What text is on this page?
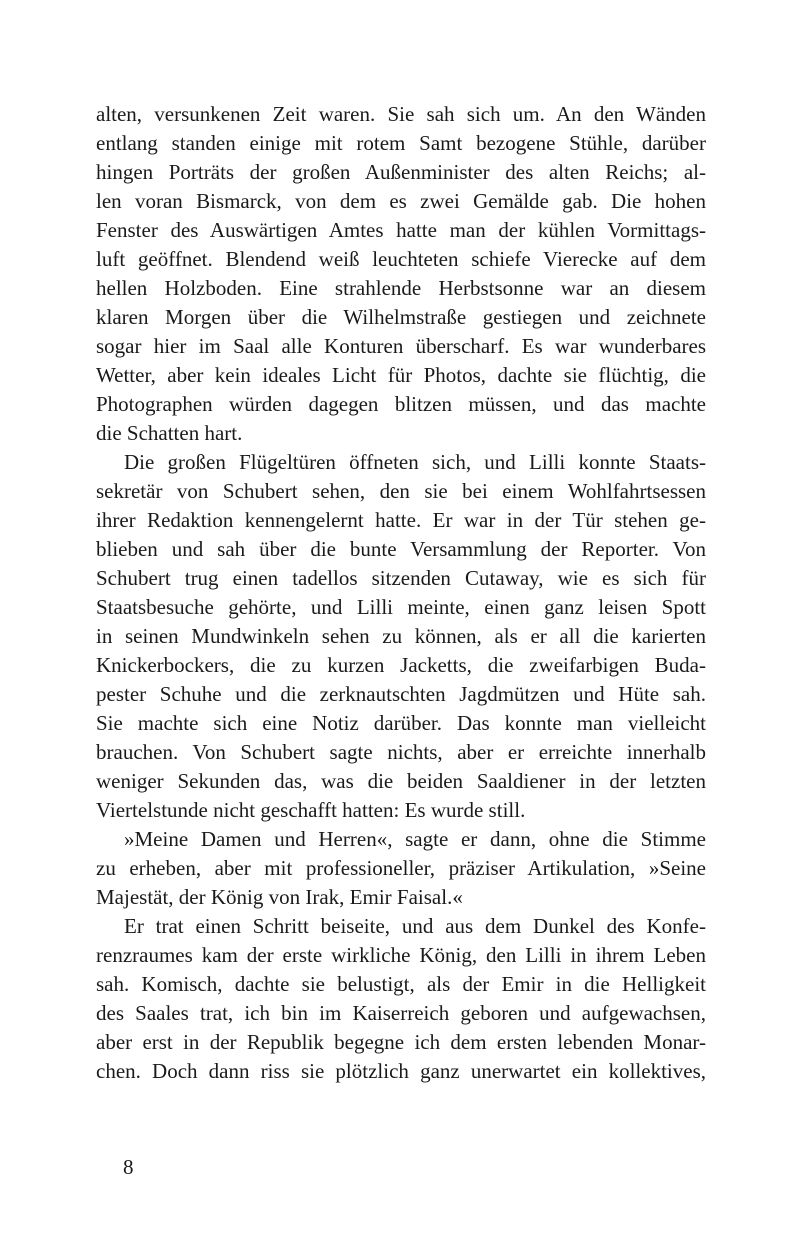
alten, versunkenen Zeit waren. Sie sah sich um. An den Wänden
entlang standen einige mit rotem Samt bezogene Stühle, darüber
hingen Porträts der großen Außenminister des alten Reichs; al-
len voran Bismarck, von dem es zwei Gemälde gab. Die hohen
Fenster des Auswärtigen Amtes hatte man der kühlen Vormittags-
luft geöffnet. Blendend weiß leuchteten schiefe Vierecke auf dem
hellen Holzboden. Eine strahlende Herbstsonne war an diesem
klaren Morgen über die Wilhelmstraße gestiegen und zeichnete
sogar hier im Saal alle Konturen überscharf. Es war wunderbares
Wetter, aber kein ideales Licht für Photos, dachte sie flüchtig, die
Photographen würden dagegen blitzen müssen, und das machte
die Schatten hart.
Die großen Flügeltüren öffneten sich, und Lilli konnte Staats-
sekretär von Schubert sehen, den sie bei einem Wohlfahrtsessen
ihrer Redaktion kennengelernt hatte. Er war in der Tür stehen ge-
blieben und sah über die bunte Versammlung der Reporter. Von
Schubert trug einen tadellos sitzenden Cutaway, wie es sich für
Staatsbesuche gehörte, und Lilli meinte, einen ganz leisen Spott
in seinen Mundwinkeln sehen zu können, als er all die karierten
Knickerbockers, die zu kurzen Jacketts, die zweifarbigen Buda-
pester Schuhe und die zerknautschten Jagdmützen und Hüte sah.
Sie machte sich eine Notiz darüber. Das konnte man vielleicht
brauchen. Von Schubert sagte nichts, aber er erreichte innerhalb
weniger Sekunden das, was die beiden Saaldiener in der letzten
Viertelstunde nicht geschafft hatten: Es wurde still.
»Meine Damen und Herren«, sagte er dann, ohne die Stimme
zu erheben, aber mit professioneller, präziser Artikulation, »Seine
Majestät, der König von Irak, Emir Faisal.«
Er trat einen Schritt beiseite, und aus dem Dunkel des Konfe-
renzraumes kam der erste wirkliche König, den Lilli in ihrem Leben
sah. Komisch, dachte sie belustigt, als der Emir in die Helligkeit
des Saales trat, ich bin im Kaiserreich geboren und aufgewachsen,
aber erst in der Republik begegne ich dem ersten lebenden Monar-
chen. Doch dann riss sie plötzlich ganz unerwartet ein kollektives,
8
